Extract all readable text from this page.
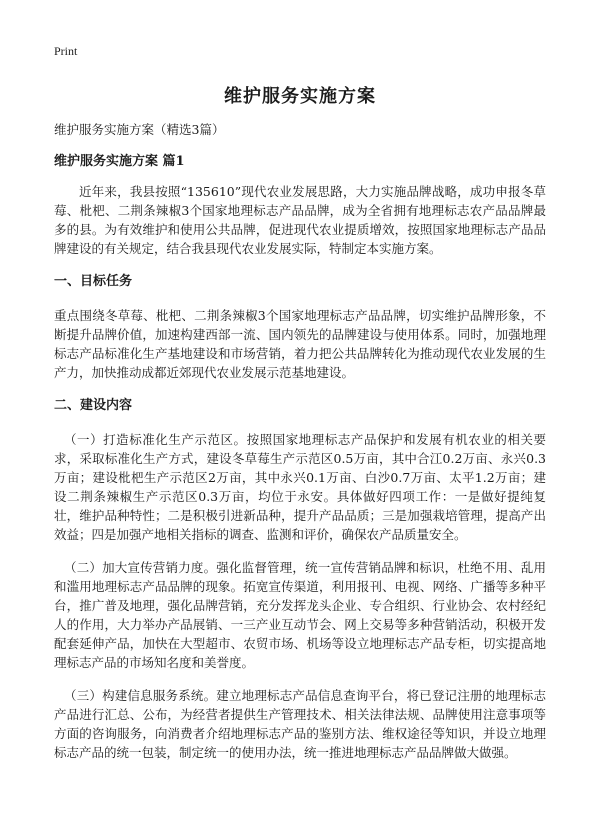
Print
维护服务实施方案

维护服务实施方案（精选3篇）

维护服务实施方案 篇1

近年来，我县按照“135610”现代农业发展思路，大力实施品牌战略，成功申报冬草莓、枇杷、二荆条辣椒3个国家地理标志产品品牌，成为全省拥有地理标志农产品品牌最多的县。为有效维护和使用公共品牌，促进现代农业提质增效，按照国家地理标志产品品牌建设的有关规定，结合我县现代农业发展实际，特制定本实施方案。

一、目标任务

重点围绕冬草莓、枇杷、二荆条辣椒3个国家地理标志产品品牌，切实维护品牌形象，不断提升品牌价值，加速构建西部一流、国内领先的品牌建设与使用体系。同时，加强地理标志产品标准化生产基地建设和市场营销，着力把公共品牌转化为推动现代农业发展的生产力，加快推动成都近郊现代农业发展示范基地建设。

二、建设内容

（一）打造标准化生产示范区。按照国家地理标志产品保护和发展有机农业的相关要求，采取标准化生产方式，建设冬草莓生产示范区0.5万亩，其中合江0.2万亩、永兴0.3万亩；建设枇杷生产示范区2万亩，其中永兴0.1万亩、白沙0.7万亩、太平1.2万亩；建设二荆条辣椒生产示范区0.3万亩，均位于永安。具体做好四项工作：一是做好提纯复壮，维护品种特性；二是积极引进新品种，提升产品品质；三是加强栽培管理，提高产出效益；四是加强产地相关指标的调查、监测和评价，确保农产品质量安全。

（二）加大宣传营销力度。强化监督管理，统一宣传营销品牌和标识，杜绝不用、乱用和滥用地理标志产品品牌的现象。拓宽宣传渠道，利用报刊、电视、网络、广播等多种平台，推广普及地理，强化品牌营销，充分发挥龙头企业、专合组织、行业协会、农村经纪人的作用，大力举办产品展销、一三产业互动节会、网上交易等多种营销活动，积极开发配套延伸产品，加快在大型超市、农贸市场、机场等设立地理标志产品专柜，切实提高地理标志产品的市场知名度和美誉度。

（三）构建信息服务系统。建立地理标志产品信息查询平台，将已登记注册的地理标志产品进行汇总、公布，为经营者提供生产管理技术、相关法律法规、品牌使用注意事项等方面的咨询服务，向消费者介绍地理标志产品的鉴别方法、维权途径等知识，并设立地理标志产品的统一包装，制定统一的使用办法，统一推进地理标志产品品牌做大做强。
